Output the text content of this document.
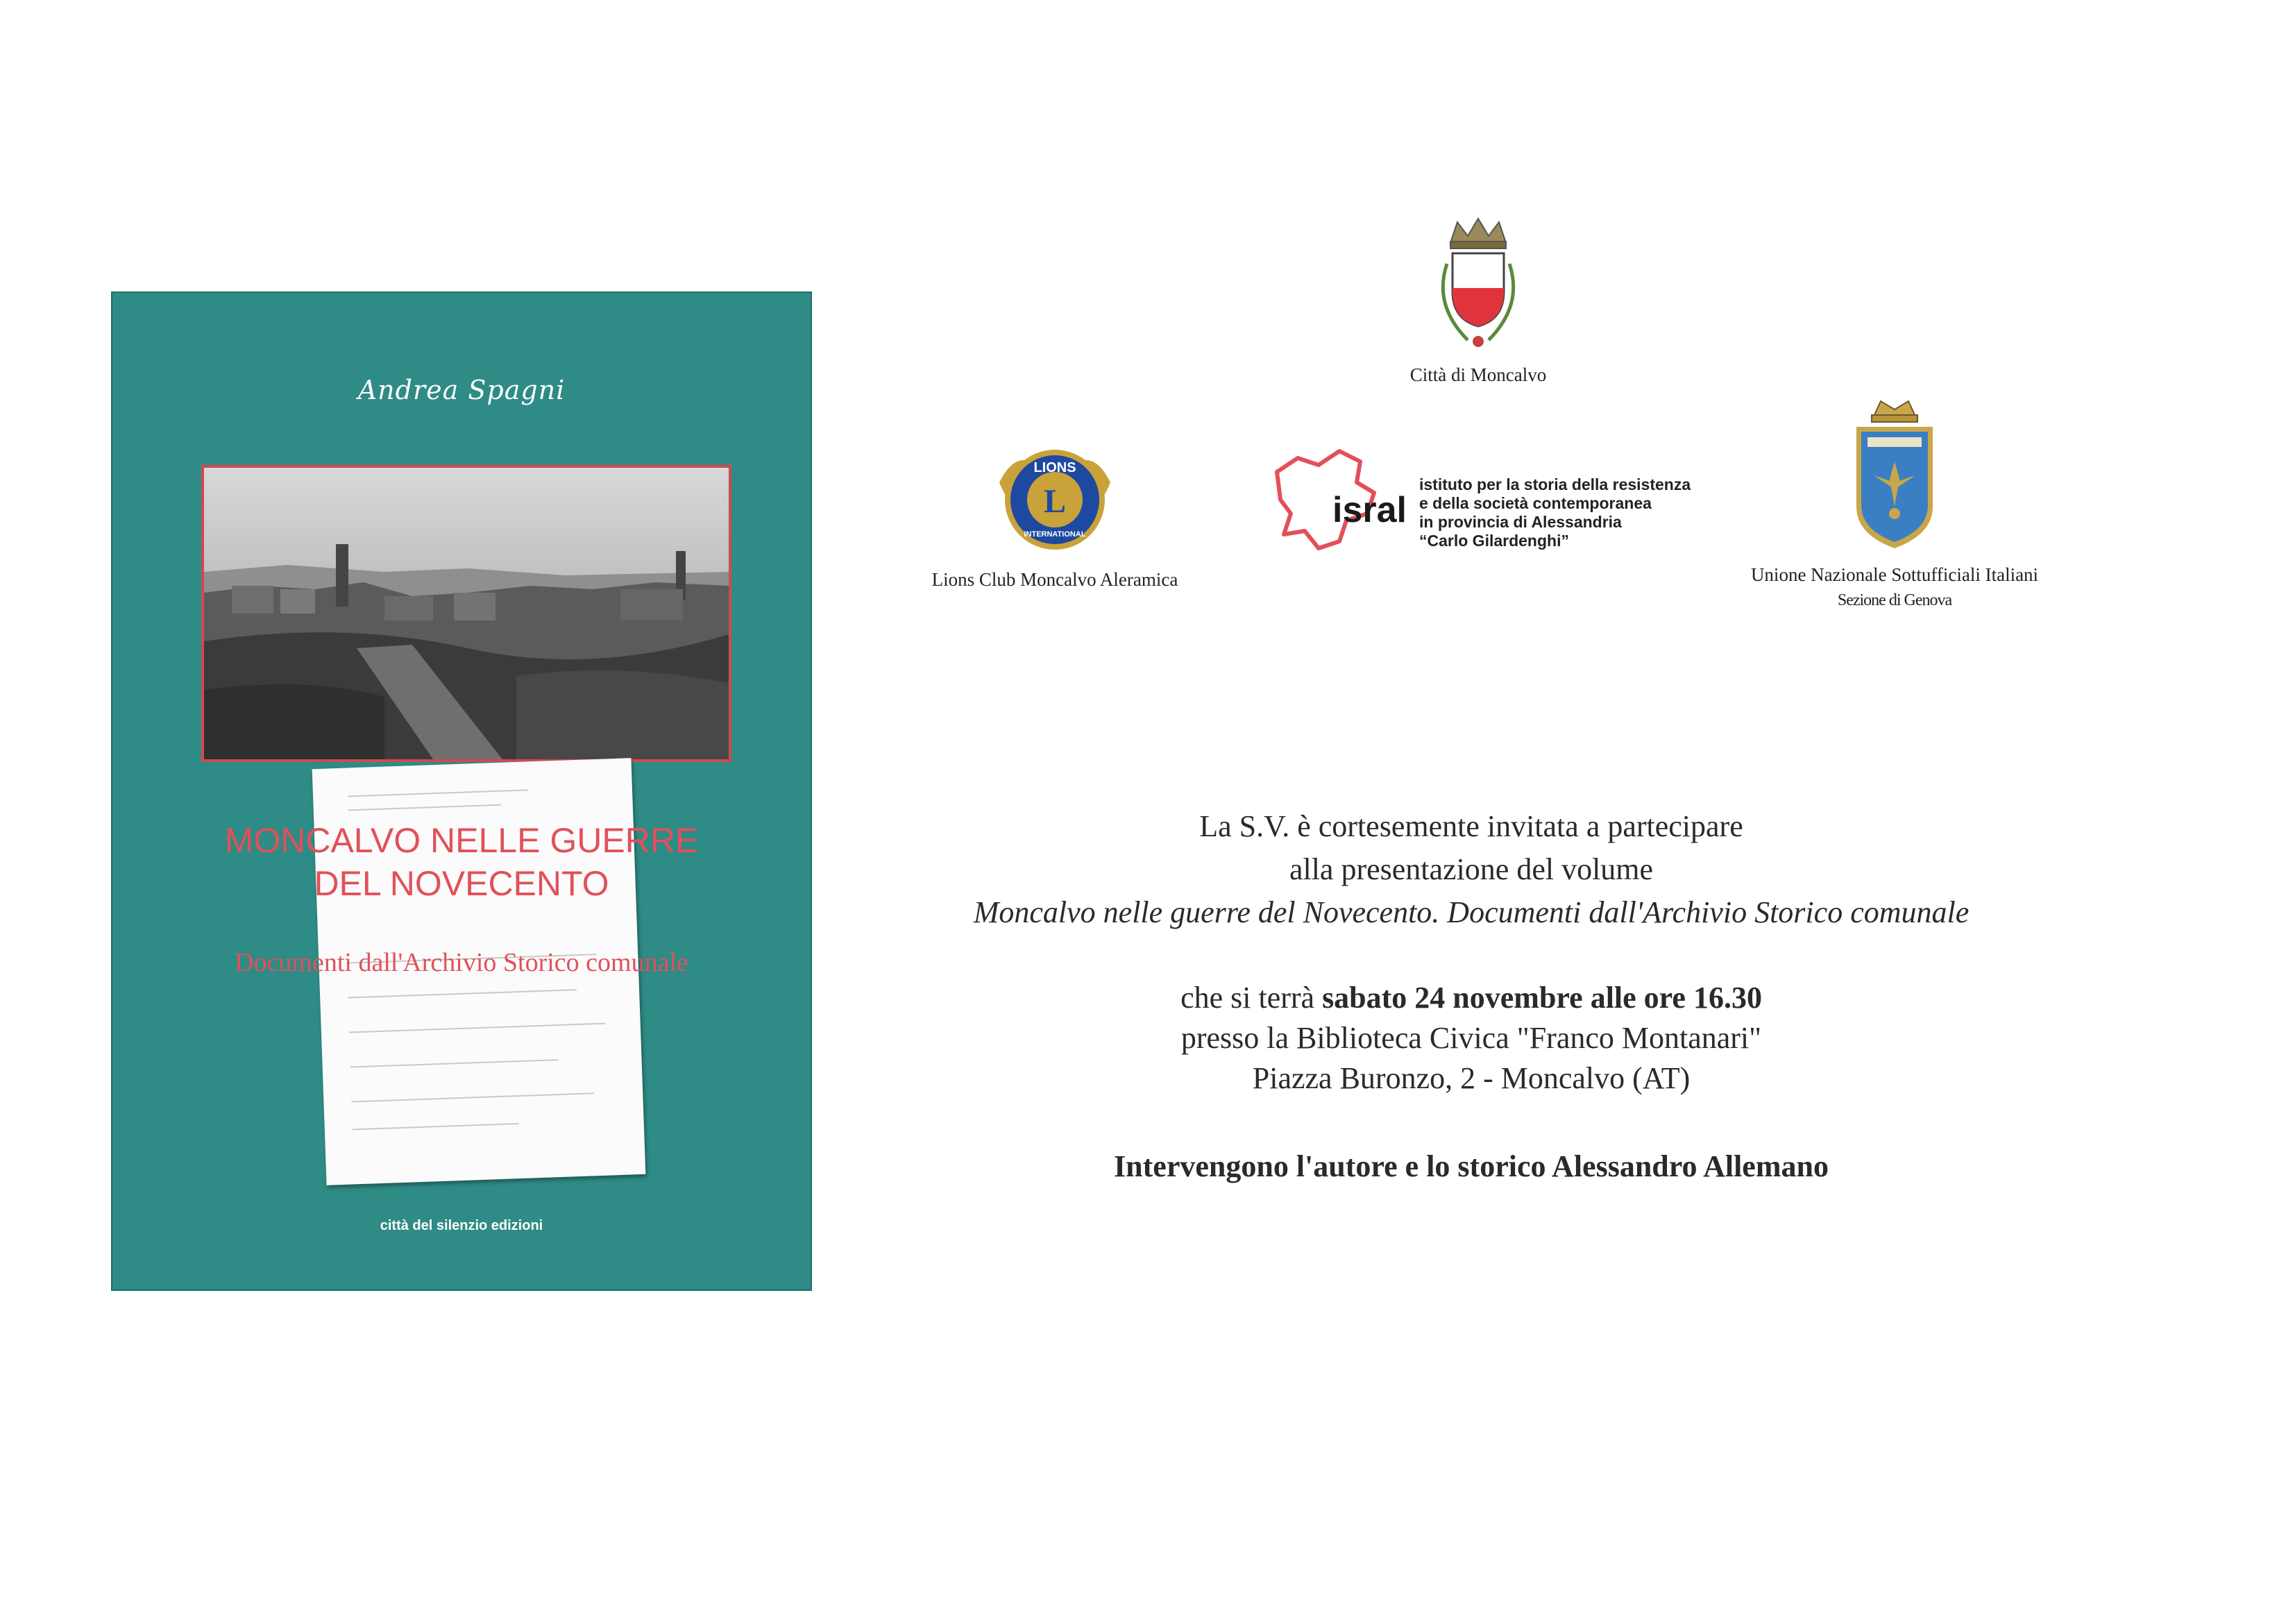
Andrea Spagni
MONCALVO NELLE GUERRE
DEL NOVECENTO
Documenti dall'Archivio Storico comunale
città del silenzio edizioni
Città di Moncalvo
LIONS
L
INTERNATIONAL
Lions Club Moncalvo Aleramica
isral
istituto per la storia della resistenza
e della società contemporanea
in provincia di Alessandria
“Carlo Gilardenghi”
Unione Nazionale Sottufficiali Italiani
Sezione di Genova
La S.V. è cortesemente invitata a partecipare
alla presentazione del volume
Moncalvo nelle guerre del Novecento. Documenti dall'Archivio Storico comunale
che si terrà sabato 24 novembre alle ore 16.30
presso la Biblioteca Civica "Franco Montanari"
Piazza Buronzo, 2 - Moncalvo (AT)
Intervengono l'autore e lo storico Alessandro Allemano
